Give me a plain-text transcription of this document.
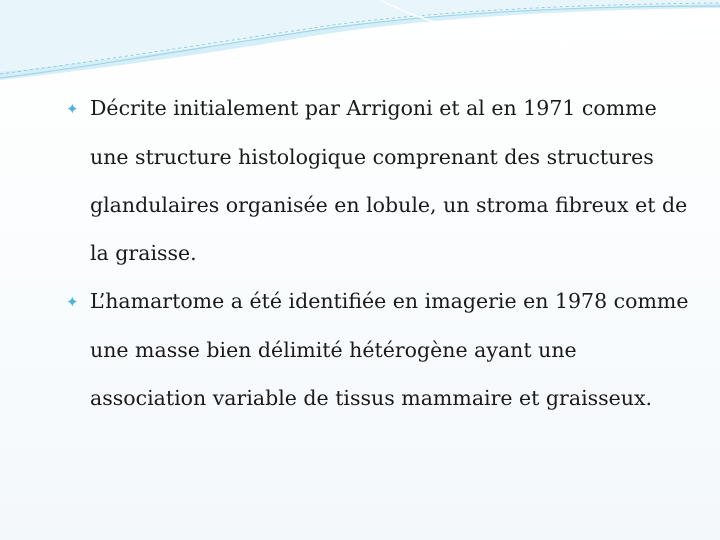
✦ Décrite initialement par Arrigoni et al en 1971 comme une structure histologique comprenant des structures glandulaires organisée en lobule, un stroma fibreux et de la graisse.
✦ L’hamartome a été identifiée en imagerie en 1978 comme une masse bien délimité hétérogène ayant une association variable de tissus mammaire et graisseux.
